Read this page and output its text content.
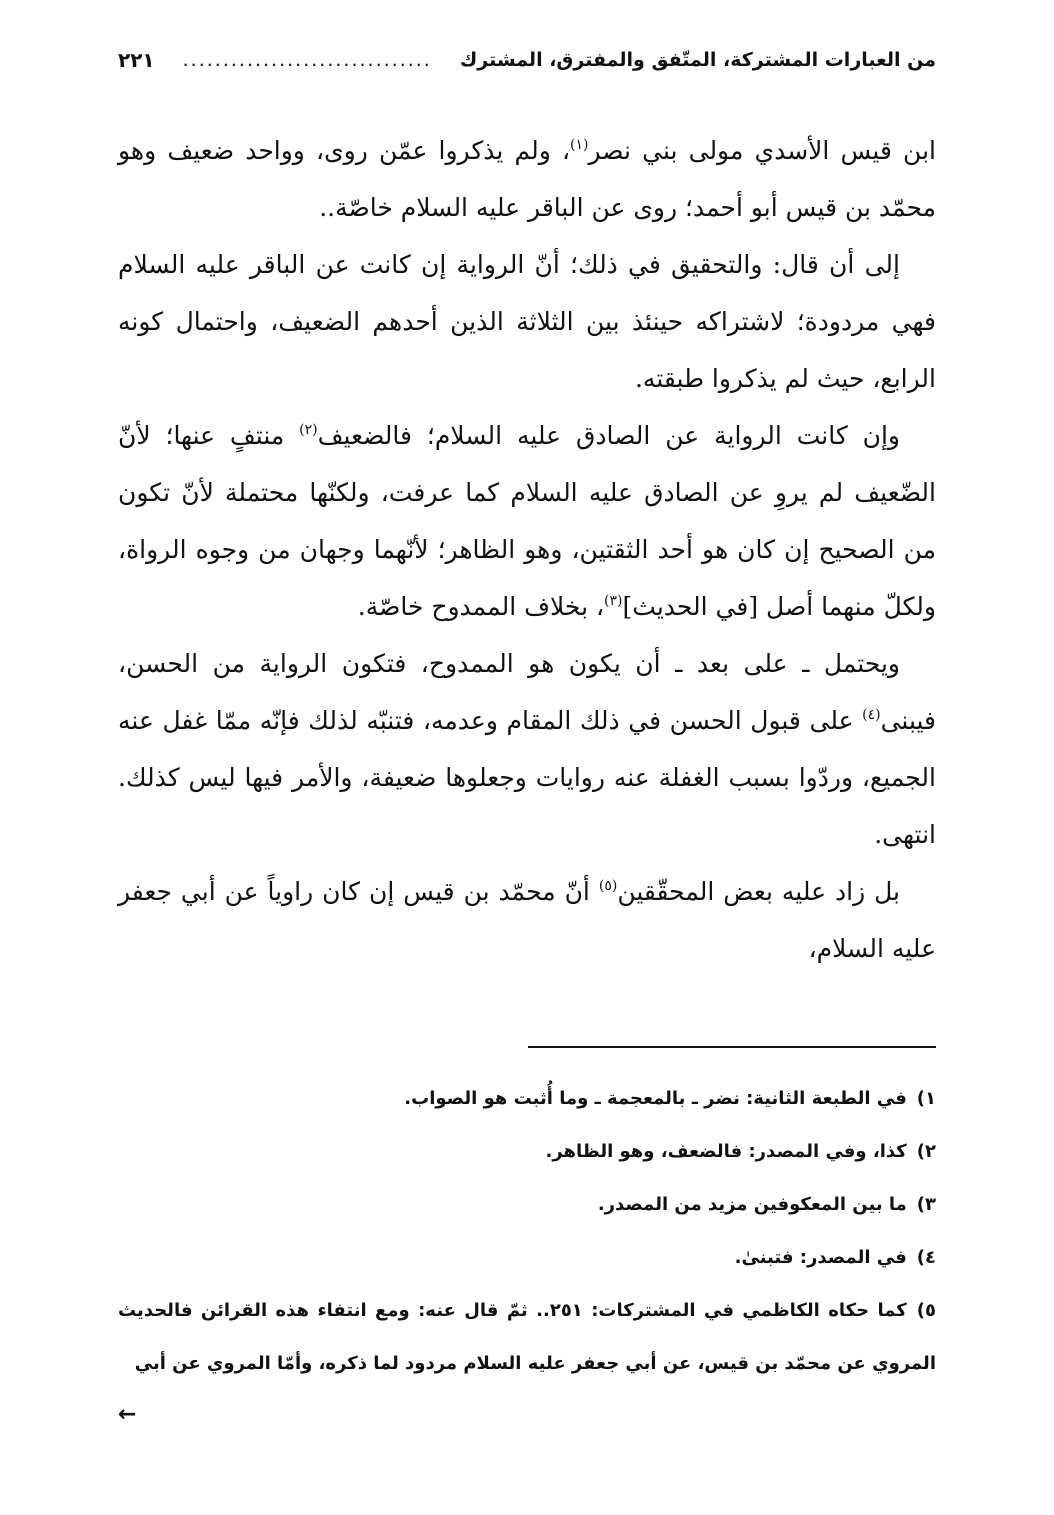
من العبارات المشتركة، المتّفق والمفترق، المشترك
...............................
٢٢١

ابن قيس الأسدي مولى بني نصر$^{(١)}$، ولم يذكروا عمّن روى، وواحد ضعيف وهو محمّد بن قيس أبو أحمد؛ روى عن الباقر عليه السلام خاصّة..

إلى أن قال: والتحقيق في ذلك؛ أنّ الرواية إن كانت عن الباقر عليه السلام فهي مردودة؛ لاشتراكه حينئذ بين الثلاثة الذين أحدهم الضعيف، واحتمال كونه الرابع، حيث لم يذكروا طبقته.

وإن كانت الرواية عن الصادق عليه السلام؛ فالضعيف$^{(٢)}$ منتفٍ عنها؛ لأنّ الضّعيف لم يروِ عن الصادق عليه السلام كما عرفت، ولكنّها محتملة لأنّ تكون من الصحيح إن كان هو أحد الثقتين، وهو الظاهر؛ لأنّهما وجهان من وجوه الرواة، ولكلّ منهما أصل [في الحديث]$^{(٣)}$، بخلاف الممدوح خاصّة.

ويحتمل ـ على بعد ـ أن يكون هو الممدوح، فتكون الرواية من الحسن، فيبنى$^{(٤)}$ على قبول الحسن في ذلك المقام وعدمه، فتنبّه لذلك فإنّه ممّا غفل عنه الجميع، وردّوا بسبب الغفلة عنه روايات وجعلوها ضعيفة، والأمر فيها ليس كذلك. انتهى.

بل زاد عليه بعض المحقّقين$^{(٥)}$ أنّ محمّد بن قيس إن كان راوياً عن أبي جعفر عليه السلام،

١)في الطبعة الثانية: نضر ـ بالمعجمة ـ وما أُثبت هو الصواب.

٢)كذا، وفي المصدر: فالضعف، وهو الظاهر.

٣)ما بين المعكوفين مزيد من المصدر.

٤)في المصدر: فتبنىٰ.

٥)كما حكاه الكاظمي في المشتركات: ٢٥١.. ثمّ قال عنه: ومع انتفاء هذه القرائن فالحديث المروي عن محمّد بن قيس، عن أبي جعفر عليه السلام مردود لما ذكره، وأمّا المروي عن أبي

←
